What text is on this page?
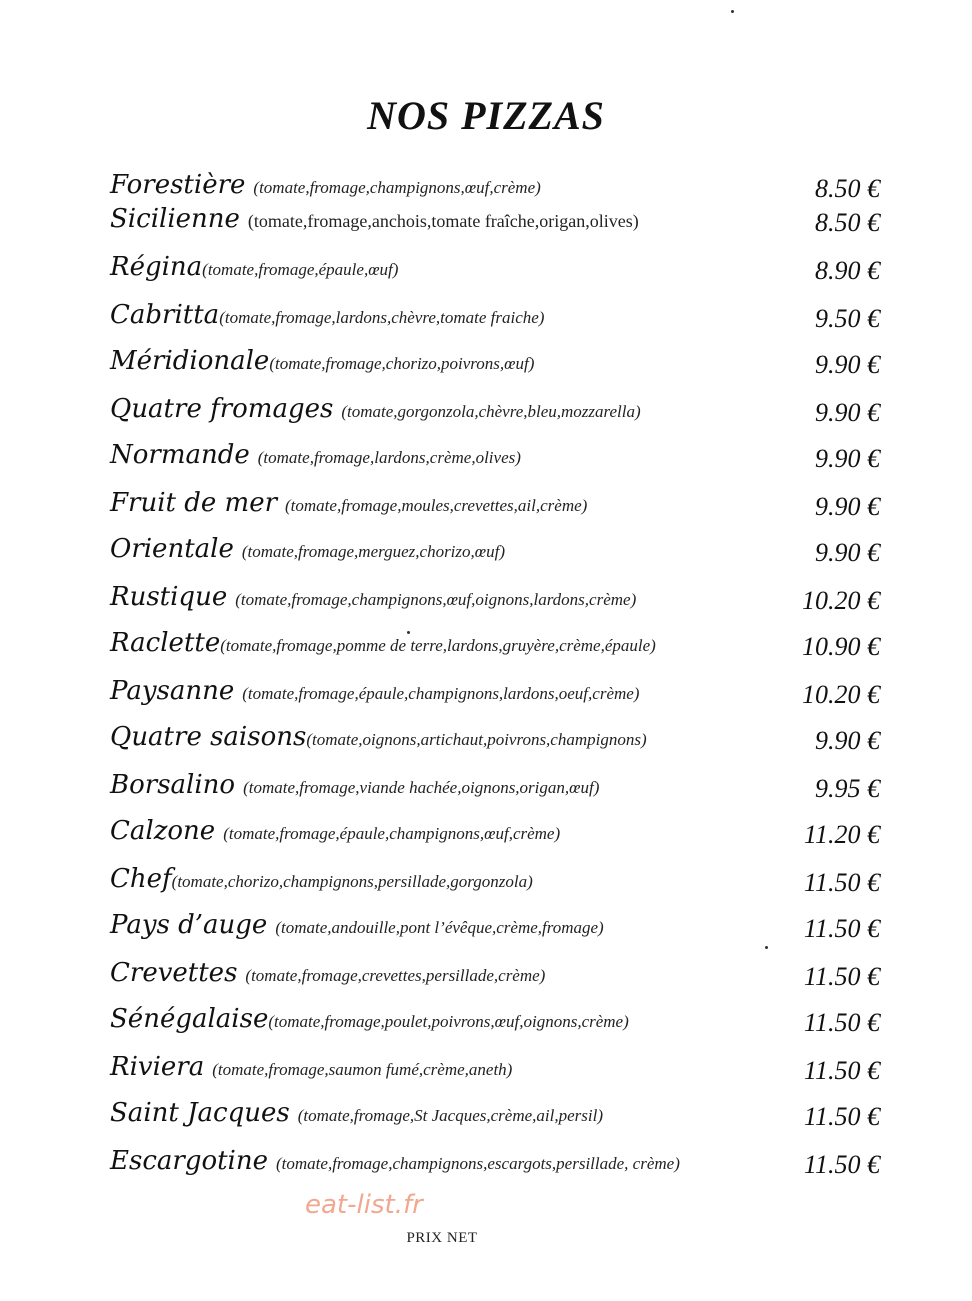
NOS PIZZAS
Forestière (tomate,fromage,champignons,œuf,crème)	8.50 €
Sicilienne (tomate,fromage,anchois,tomate fraîche,origan,olives)	8.50 €
Régina (tomate,fromage,épaule,œuf)	8.90 €
Cabritta (tomate,fromage,lardons,chèvre,tomate fraiche)	9.50 €
Méridionale (tomate,fromage,chorizo,poivrons,œuf)	9.90 €
Quatre fromages (tomate,gorgonzola,chèvre,bleu,mozzarella)	9.90 €
Normande (tomate,fromage,lardons,crème,olives)	9.90 €
Fruit de mer (tomate,fromage,moules,crevettes,ail,crème)	9.90 €
Orientale (tomate,fromage,merguez,chorizo,œuf)	9.90 €
Rustique (tomate,fromage,champignons,œuf,oignons,lardons,crème)	10.20 €
Raclette (tomate,fromage,pomme de terre,lardons,gruyère,crème,épaule)	10.90 €
Paysanne (tomate,fromage,épaule,champignons,lardons,oeuf,crème)	10.20 €
Quatre saisons (tomate,oignons,artichaut,poivrons,champignons)	9.90 €
Borsalino (tomate,fromage,viande hachée,oignons,origan,œuf)	9.95 €
Calzone (tomate,fromage,épaule,champignons,œuf,crème)	11.20 €
Chef (tomate,chorizo,champignons,persillade,gorgonzola)	11.50 €
Pays d’auge (tomate,andouille,pont l’évêque,crème,fromage)	11.50 €
Crevettes (tomate,fromage,crevettes,persillade,crème)	11.50 €
Sénégalaise (tomate,fromage,poulet,poivrons,œuf,oignons,crème)	11.50 €
Riviera (tomate,fromage,saumon fumé,crème,aneth)	11.50 €
Saint Jacques (tomate,fromage,St Jacques,crème,ail,persil)	11.50 €
Escargotine (tomate,fromage,champignons,escargots,persillade, crème)	11.50 €
eat-list.fr
PRIX NET
